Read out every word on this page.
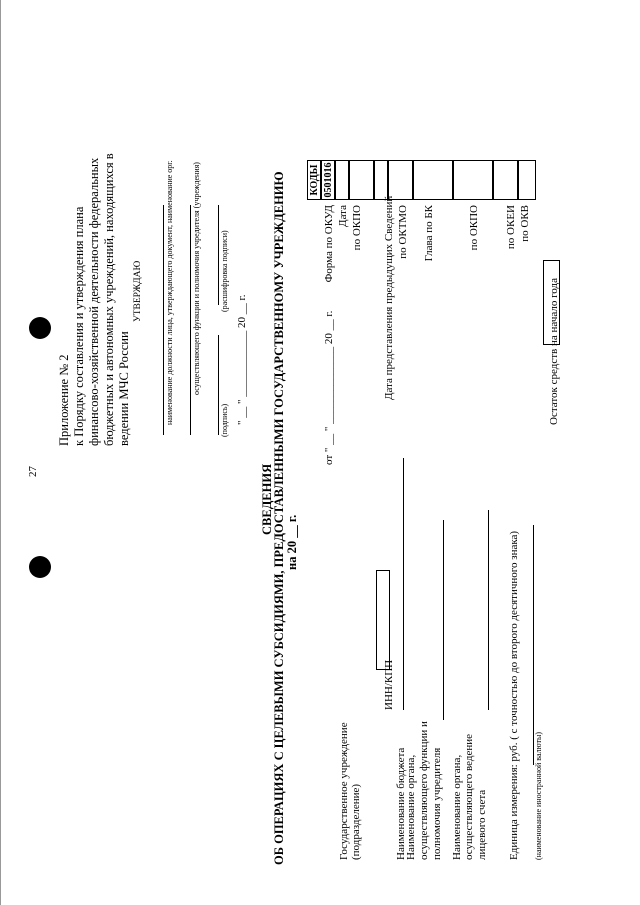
27
Приложение № 2 к Порядку составления и утверждения плана финансово-хозяйственной деятельности федеральных бюджетных и автономных учреждений, находящихся в ведении МЧС России
УТВЕРЖДАЮ	наименование должности лица, утверждающего документ, наименование орг. осуществляющего функции и полномочия учредителя (учреждения)
(подпись)
(расшифровка подписи)
" __ " ____________ 20 __ г.
СВЕДЕНИЯ
ОБ ОПЕРАЦИЯХ С ЦЕЛЕВЫМИ СУБСИДИЯМИ, ПРЕДОСТАВЛЕННЫМИ ГОСУДАРСТВЕННОМУ УЧРЕЖДЕНИЮ на 20 __ г.
от " __ " ______________ 20 __ г.
Государственное учреждение (подразделение)
ИНН/КПП
Наименование бюджета
Наименование органа, осуществляющего функции и полномочия учредителя Наименование органа, осуществляющего ведение лицевого счета Единица измерения: руб. ( с точностью до второго десятичного знака) (наименование иностранной валюты)
Остаток средств на начало года
Форма по ОКУД Дата по ОКПО Дата представления предыдущих Сведений по ОКТМО Глава по БК	по ОКПО по ОКЕИ по ОКВ
КОДЫ 0501016
